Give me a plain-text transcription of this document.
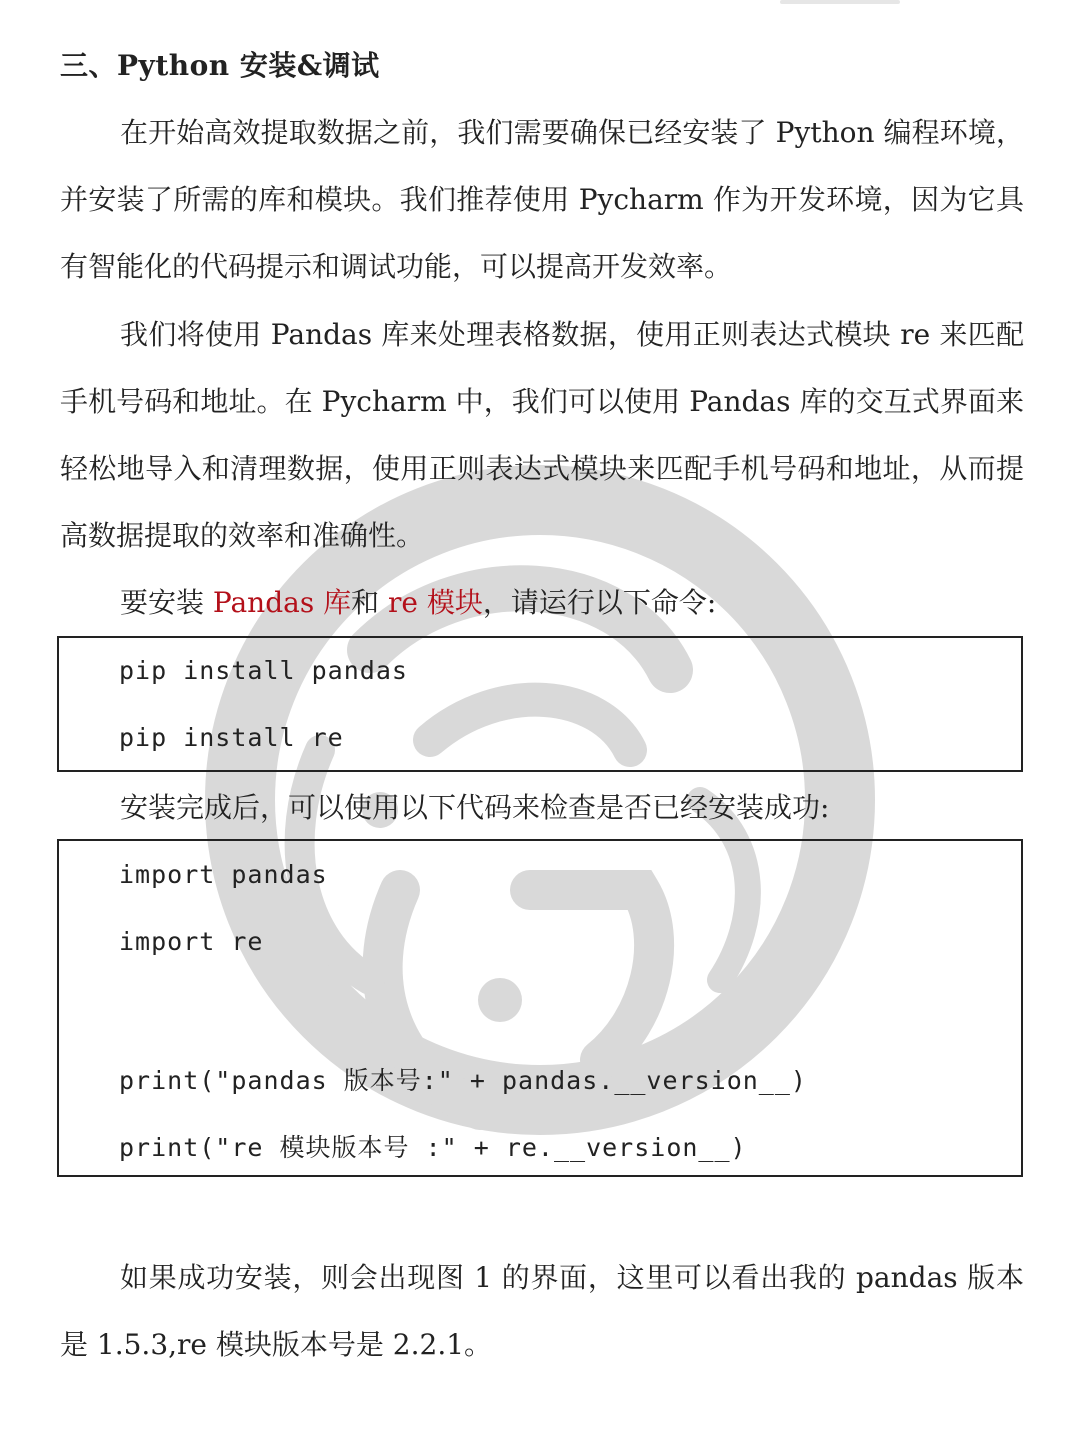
三、Python 安装&调试

在开始高效提取数据之前，我们需要确保已经安装了 Python 编程环境，并安装了所需的库和模块。我们推荐使用 Pycharm 作为开发环境，因为它具有智能化的代码提示和调试功能，可以提高开发效率。

我们将使用 Pandas 库来处理表格数据，使用正则表达式模块 re 来匹配手机号码和地址。在 Pycharm 中，我们可以使用 Pandas 库的交互式界面来轻松地导入和清理数据，使用正则表达式模块来匹配手机号码和地址，从而提高数据提取的效率和准确性。

要安装 Pandas 库和 re 模块，请运行以下命令:

pip install pandas
pip install re

安装完成后，可以使用以下代码来检查是否已经安装成功:

import pandas
import re
print("pandas 版本号:" + pandas.__version__)
print("re 模块版本号 :" + re.__version__)

如果成功安装，则会出现图 1 的界面，这里可以看出我的 pandas 版本是 1.5.3,re 模块版本号是 2.2.1。
